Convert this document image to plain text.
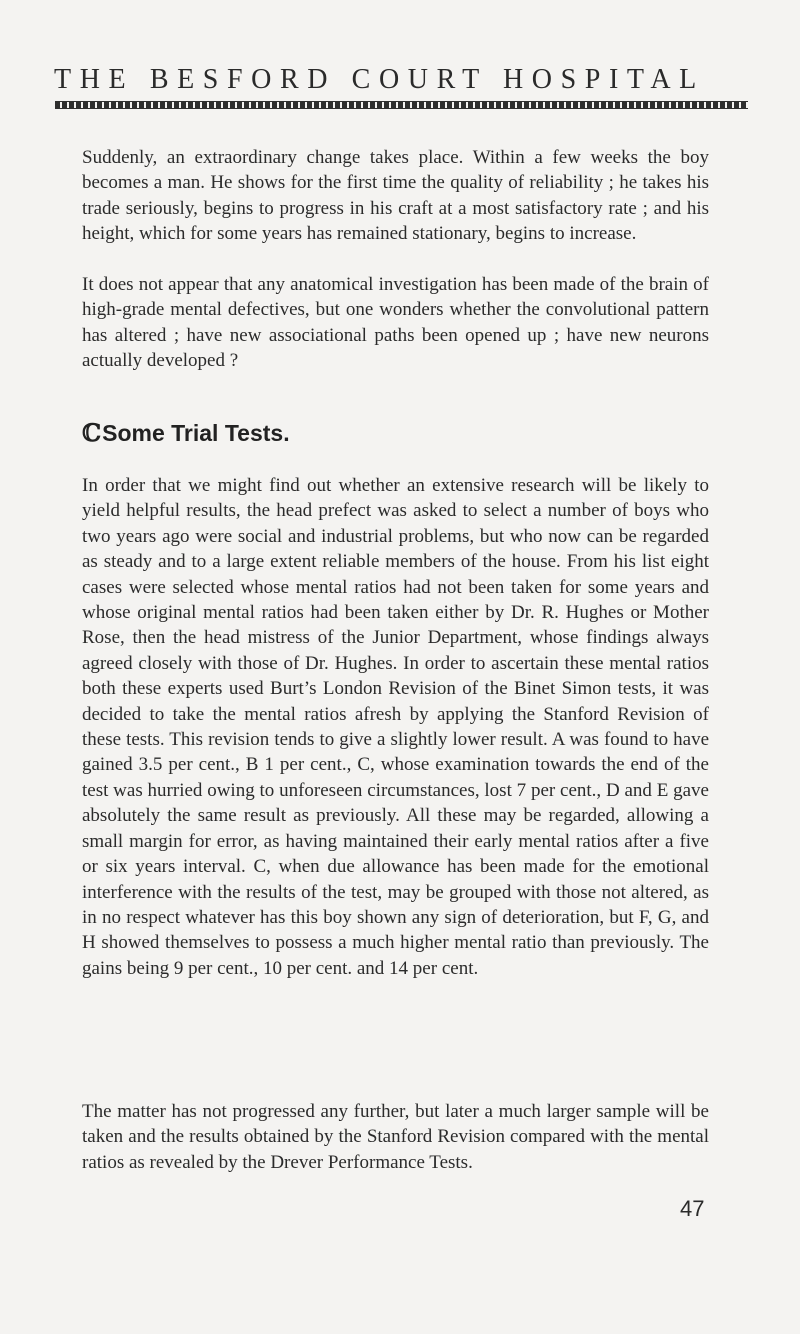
THE BESFORD COURT HOSPITAL

Suddenly, an extraordinary change takes place. Within a few weeks the boy becomes a man. He shows for the first time the quality of reliability ; he takes his trade seriously, begins to progress in his craft at a most satisfactory rate ; and his height, which for some years has remained stationary, begins to increase.

It does not appear that any anatomical investigation has been made of the brain of high-grade mental defectives, but one wonders whether the convolutional pattern has altered ; have new associational paths been opened up ; have new neurons actually developed ?

ℂSome Trial Tests.

In order that we might find out whether an extensive research will be likely to yield helpful results, the head prefect was asked to select a number of boys who two years ago were social and industrial problems, but who now can be regarded as steady and to a large extent reliable members of the house. From his list eight cases were selected whose mental ratios had not been taken for some years and whose original mental ratios had been taken either by Dr. R. Hughes or Mother Rose, then the head mistress of the Junior Department, whose findings always agreed closely with those of Dr. Hughes. In order to ascertain these mental ratios both these experts used Burt’s London Revision of the Binet Simon tests, it was decided to take the mental ratios afresh by applying the Stanford Revision of these tests. This revision tends to give a slightly lower result. A was found to have gained 3.5 per cent., B 1 per cent., C, whose examination towards the end of the test was hurried owing to unforeseen circumstances, lost 7 per cent., D and E gave absolutely the same result as previously. All these may be regarded, allowing a small margin for error, as having maintained their early mental ratios after a five or six years interval. C, when due allowance has been made for the emotional interference with the results of the test, may be grouped with those not altered, as in no respect whatever has this boy shown any sign of deterioration, but F, G, and H showed themselves to possess a much higher mental ratio than previously. The gains being 9 per cent., 10 per cent. and 14 per cent.

The matter has not progressed any further, but later a much larger sample will be taken and the results obtained by the Stanford Revision compared with the mental ratios as revealed by the Drever Performance Tests.

47
